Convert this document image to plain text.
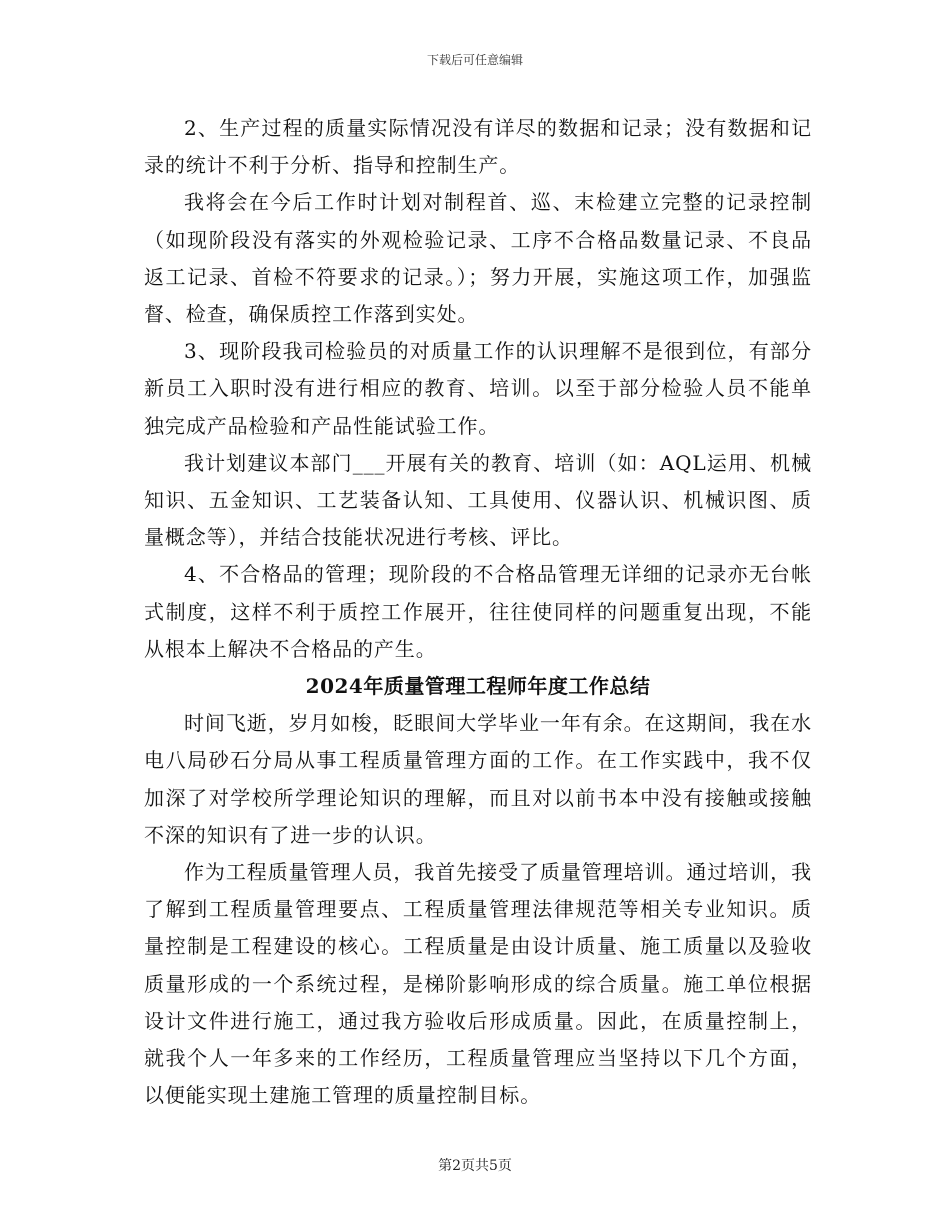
下载后可任意编辑

2、生产过程的质量实际情况没有详尽的数据和记录；没有数据和记录的统计不利于分析、指导和控制生产。

我将会在今后工作时计划对制程首、巡、末检建立完整的记录控制（如现阶段没有落实的外观检验记录、工序不合格品数量记录、不良品返工记录、首检不符要求的记录。）；努力开展，实施这项工作，加强监督、检查，确保质控工作落到实处。

3、现阶段我司检验员的对质量工作的认识理解不是很到位，有部分新员工入职时没有进行相应的教育、培训。以至于部分检验人员不能单独完成产品检验和产品性能试验工作。

我计划建议本部门___开展有关的教育、培训（如：AQL运用、机械知识、五金知识、工艺装备认知、工具使用、仪器认识、机械识图、质量概念等），并结合技能状况进行考核、评比。

4、不合格品的管理；现阶段的不合格品管理无详细的记录亦无台帐式制度，这样不利于质控工作展开，往往使同样的问题重复出现，不能从根本上解决不合格品的产生。

2024年质量管理工程师年度工作总结

时间飞逝，岁月如梭，眨眼间大学毕业一年有余。在这期间，我在水电八局砂石分局从事工程质量管理方面的工作。在工作实践中，我不仅加深了对学校所学理论知识的理解，而且对以前书本中没有接触或接触不深的知识有了进一步的认识。

作为工程质量管理人员，我首先接受了质量管理培训。通过培训，我了解到工程质量管理要点、工程质量管理法律规范等相关专业知识。质量控制是工程建设的核心。工程质量是由设计质量、施工质量以及验收质量形成的一个系统过程，是梯阶影响形成的综合质量。施工单位根据设计文件进行施工，通过我方验收后形成质量。因此，在质量控制上，就我个人一年多来的工作经历，工程质量管理应当坚持以下几个方面，以便能实现土建施工管理的质量控制目标。

第2页共5页
